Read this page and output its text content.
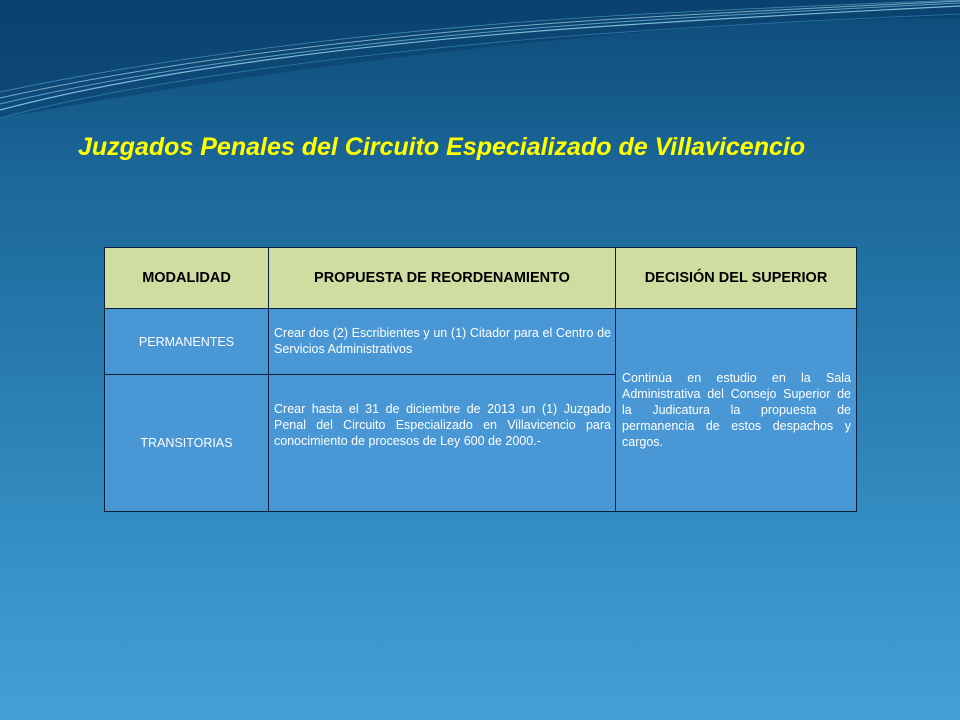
Juzgados Penales del Circuito Especializado de Villavicencio
MODALIDAD	PROPUESTA DE REORDENAMIENTO	DECISIÓN DEL SUPERIOR
PERMANENTES	Crear dos (2) Escribientes y un (1) Citador para el Centro de Servicios Administrativos	Continúa en estudio en la Sala Administrativa del Consejo Superior de la Judicatura la propuesta de permanencia de estos despachos y cargos.
TRANSITORIAS	Crear hasta el 31 de diciembre de 2013 un (1) Juzgado Penal del Circuito Especializado en Villavicencio para conocimiento de procesos de Ley 600 de 2000.-	
